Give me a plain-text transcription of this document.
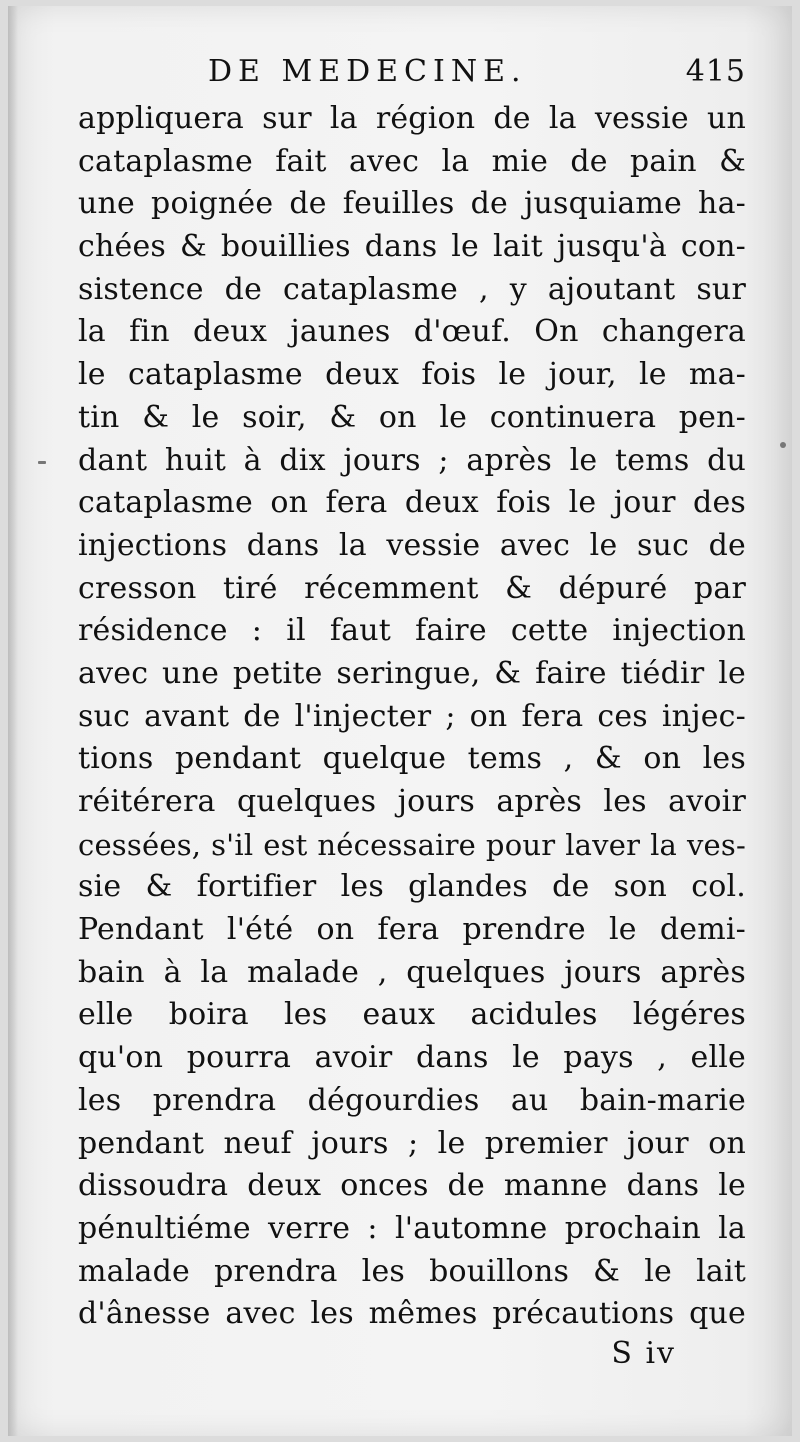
DE MEDECINE.	415
appliquera sur la région de la vessie un
cataplasme fait avec la mie de pain &
une poignée de feuilles de jusquiame ha-
chées & bouillies dans le lait jusqu'à con-
sistence de cataplasme , y ajoutant sur
la fin deux jaunes d'œuf. On changera
le cataplasme deux fois le jour, le ma-
tin & le soir, & on le continuera pen-
dant huit à dix jours ; après le tems du
cataplasme on fera deux fois le jour des
injections dans la vessie avec le suc de
cresson tiré récemment & dépuré par
résidence : il faut faire cette injection
avec une petite seringue, & faire tiédir le
suc avant de l'injecter ; on fera ces injec-
tions pendant quelque tems , & on les
réitérera quelques jours après les avoir
cessées, s'il est nécessaire pour laver la ves-
sie & fortifier les glandes de son col.
Pendant l'été on fera prendre le demi-
bain à la malade , quelques jours après
elle boira les eaux acidules légéres
qu'on pourra avoir dans le pays , elle
les prendra dégourdies au bain-marie
pendant neuf jours ; le premier jour on
dissoudra deux onces de manne dans le
pénultiéme verre : l'automne prochain la
malade prendra les bouillons & le lait
d'ânesse avec les mêmes précautions que
S iv
